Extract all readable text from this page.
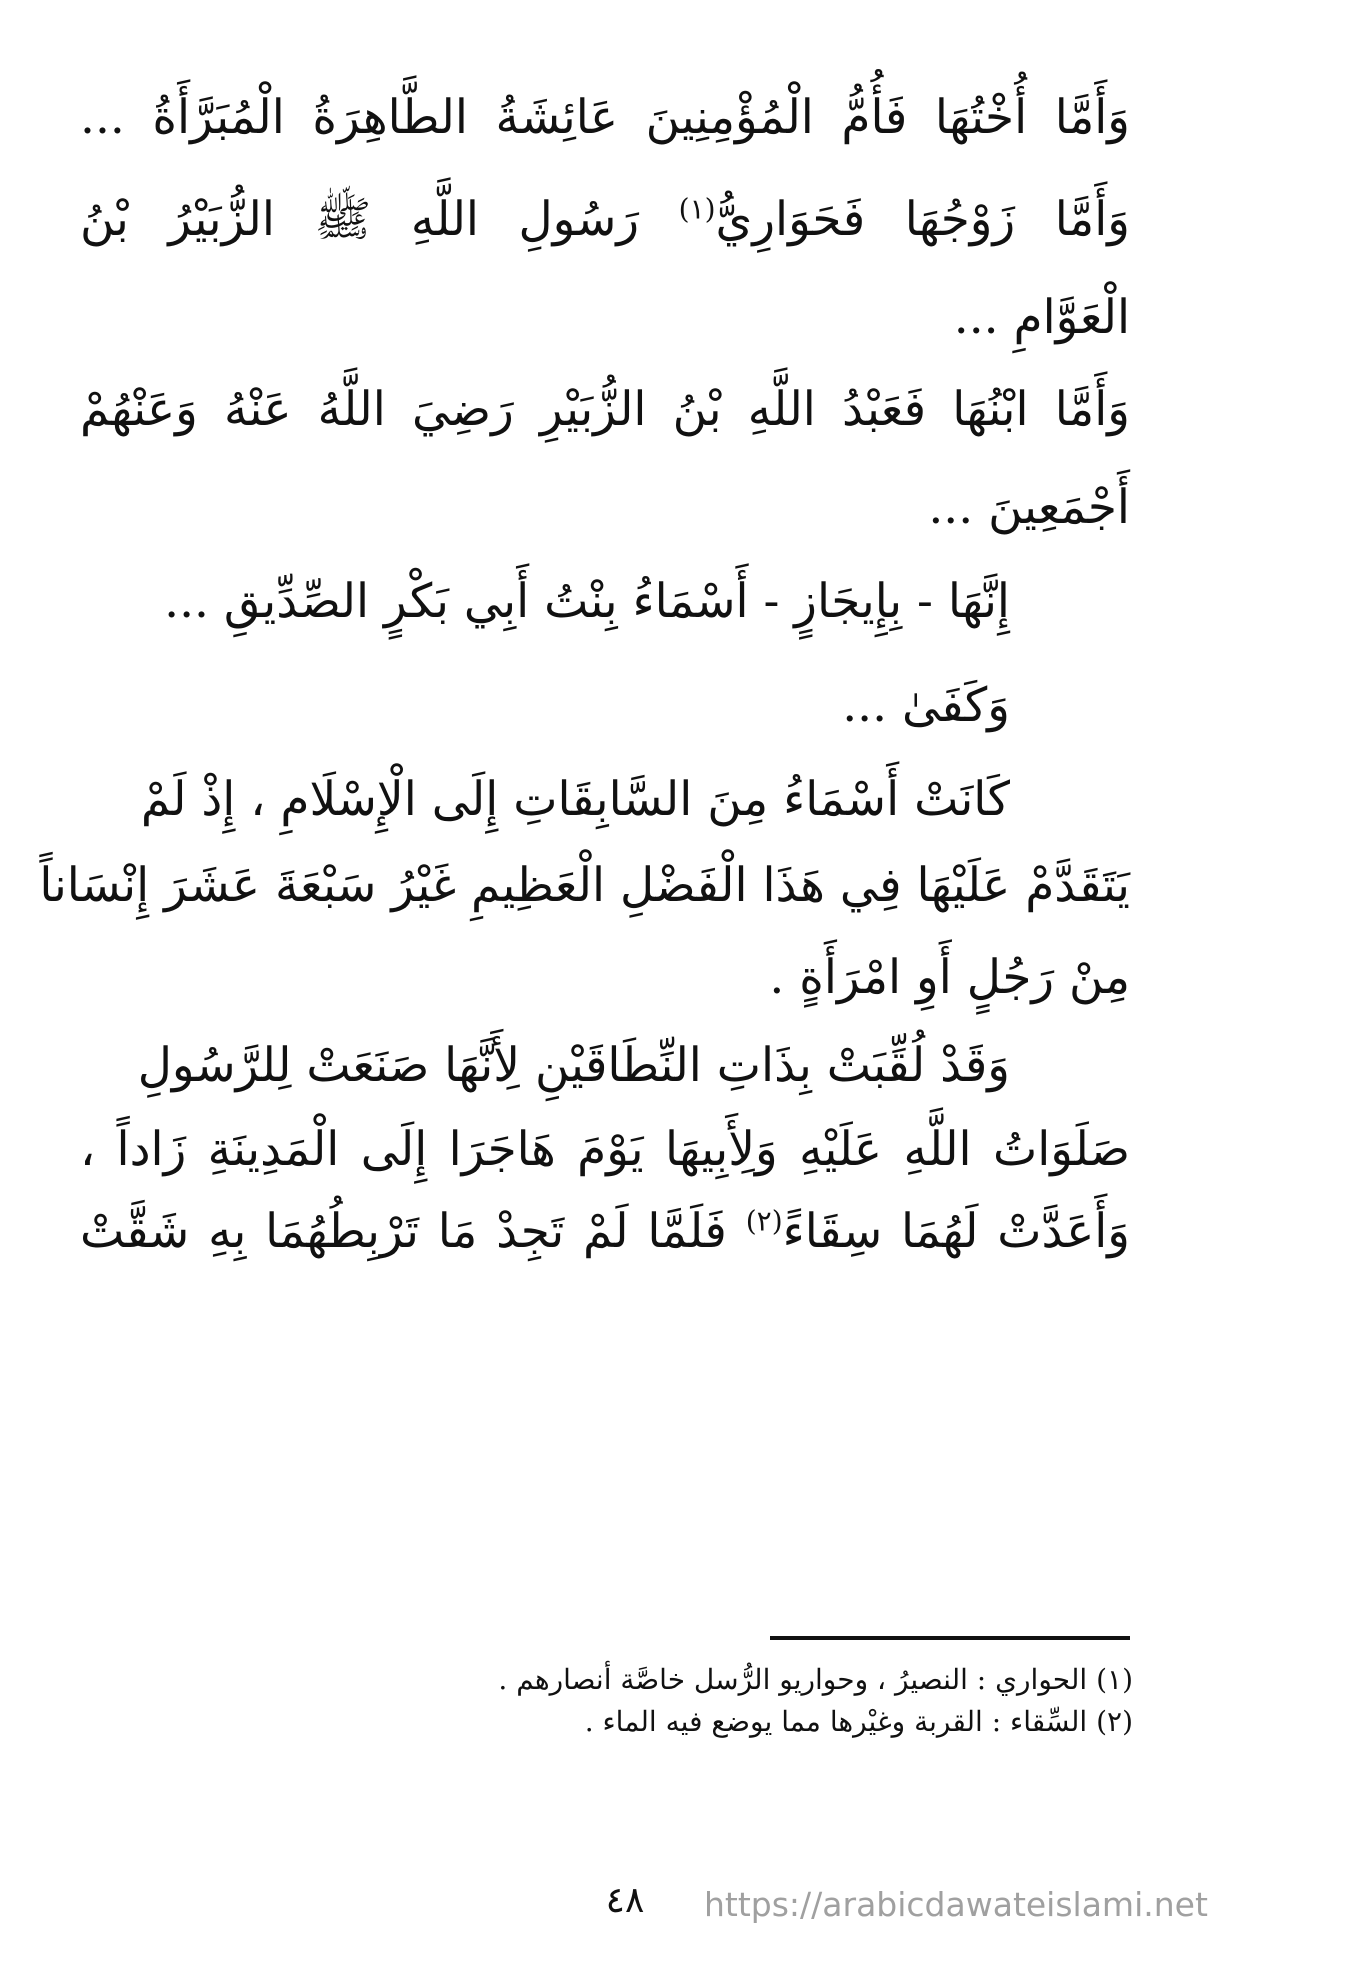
وَأَمَّا أُخْتُهَا فَأُمُّ الْمُؤْمِنِينَ عَائِشَةُ الطَّاهِرَةُ الْمُبَرَّأَةُ ...
وَأَمَّا زَوْجُهَا فَحَوَارِيُّ$^{(١)}$ رَسُولِ اللَّهِ ﷺ الزُّبَيْرُ بْنُ
الْعَوَّامِ ...
وَأَمَّا ابْنُهَا فَعَبْدُ اللَّهِ بْنُ الزُّبَيْرِ رَضِيَ اللَّهُ عَنْهُ وَعَنْهُمْ
أَجْمَعِينَ ...
إِنَّهَا - بِإِيجَازٍ - أَسْمَاءُ بِنْتُ أَبِي بَكْرٍ الصِّدِّيقِ ...
وَكَفَىٰ ...
كَانَتْ أَسْمَاءُ مِنَ السَّابِقَاتِ إِلَى الْإِسْلَامِ ، إِذْ لَمْ
يَتَقَدَّمْ عَلَيْهَا فِي هَذَا الْفَضْلِ الْعَظِيمِ غَيْرُ سَبْعَةَ عَشَرَ إِنْسَاناً
مِنْ رَجُلٍ أَوِ امْرَأَةٍ .
وَقَدْ لُقِّبَتْ بِذَاتِ النِّطَاقَيْنِ لِأَنَّهَا صَنَعَتْ لِلرَّسُولِ
صَلَوَاتُ اللَّهِ عَلَيْهِ وَلِأَبِيهَا يَوْمَ هَاجَرَا إِلَى الْمَدِينَةِ زَاداً ،
وَأَعَدَّتْ لَهُمَا سِقَاءً$^{(٢)}$ فَلَمَّا لَمْ تَجِدْ مَا تَرْبِطُهُمَا بِهِ شَقَّتْ
(١) الحواري : النصيرُ ، وحواريو الرُّسل خاصَّة أنصارهم .
(٢) السِّقاء : القربة وغيْرها مما يوضع فيه الماء .
٤٨	https://arabicdawateislami.net
